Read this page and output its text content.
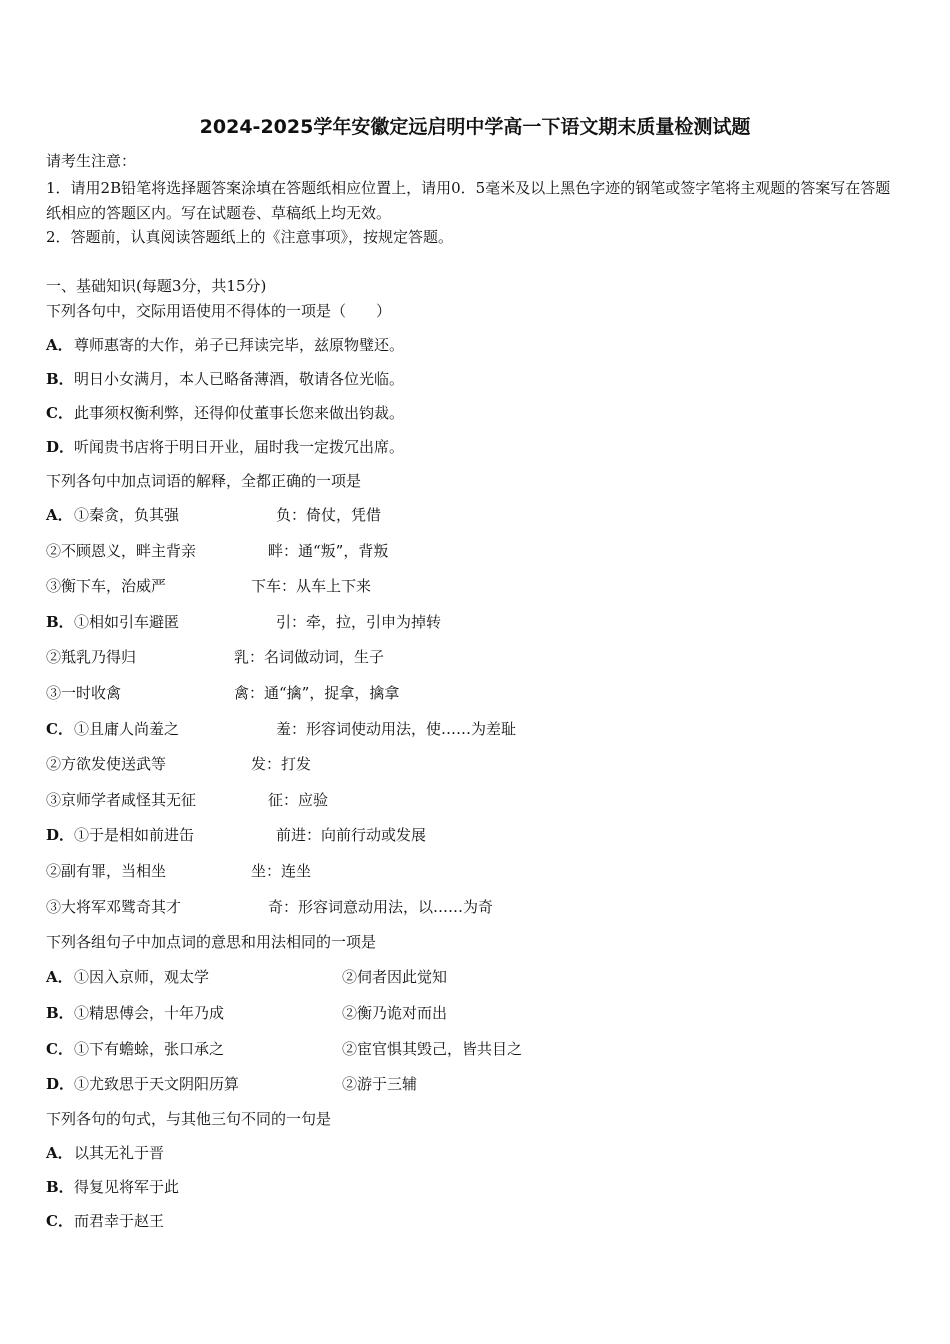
2024-2025学年安徽定远启明中学高一下语文期末质量检测试题
请考生注意：
1．请用2B铅笔将选择题答案涂填在答题纸相应位置上，请用0．5毫米及以上黑色字迹的钢笔或签字笔将主观题的答案写在答题纸相应的答题区内。写在试题卷、草稿纸上均无效。
2．答题前，认真阅读答题纸上的《注意事项》，按规定答题。
一、基础知识(每题3分，共15分)
下列各句中，交际用语使用不得体的一项是（　　）
A．尊师惠寄的大作，弟子已拜读完毕，兹原物璧还。
B．明日小女满月，本人已略备薄酒，敬请各位光临。
C．此事须权衡利弊，还得仰仗董事长您来做出钧裁。
D．听闻贵书店将于明日开业，届时我一定拨冗出席。
下列各句中加点词语的解释，全都正确的一项是
A．①秦贪，负其强	负：倚仗，凭借
②不顾恩义，畔主背亲	畔：通“叛”，背叛
③衡下车，治威严	下车：从车上下来
B．①相如引车避匿	引：牵，拉，引申为掉转
②羝乳乃得归	乳：名词做动词，生子
③一时收禽	禽：通“擒”，捉拿，擒拿
C．①且庸人尚羞之	羞：形容词使动用法，使……为差耻
②方欲发使送武等	发：打发
③京师学者咸怪其无征	征：应验
D．①于是相如前进缶	前进：向前行动或发展
②副有罪，当相坐	坐：连坐
③大将军邓骘奇其才	奇：形容词意动用法，以……为奇
下列各组句子中加点词的意思和用法相同的一项是
A．①因入京师，观太学	②伺者因此觉知
B．①精思傅会，十年乃成	②衡乃诡对而出
C．①下有蟾蜍，张口承之	②宦官惧其毁己，皆共目之
D．①尤致思于天文阴阳历算	②游于三辅
下列各句的句式，与其他三句不同的一句是
A．以其无礼于晋
B．得复见将军于此
C．而君幸于赵王
